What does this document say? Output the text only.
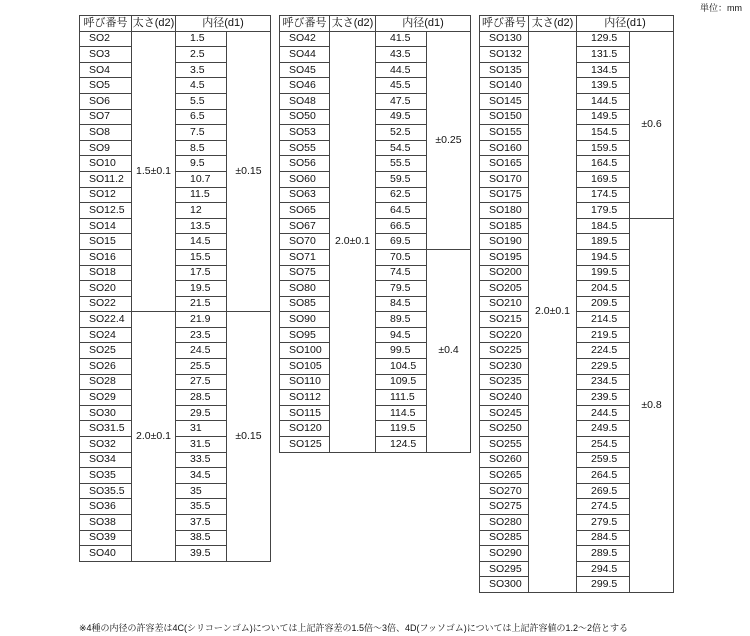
単位：mm
呼び番号	太さ(d2)	内径(d1)	
SO2	1.5±0.1	1.5	±0.15
SO3		2.5	
SO4		3.5	
SO5		4.5	
SO6		5.5	
SO7		6.5	
SO8		7.5	
SO9		8.5	
SO10		9.5	
SO11.2		10.7	
SO12		11.5	
SO12.5		12	
SO14		13.5	
SO15		14.5	
SO16		15.5	
SO18		17.5	
SO20		19.5	
SO22		21.5	
SO22.4	2.0±0.1	21.9	±0.15
SO24		23.5	
SO25		24.5	
SO26		25.5	
SO28		27.5	
SO29		28.5	
SO30		29.5	
SO31.5		31	
SO32		31.5	
SO34		33.5	
SO35		34.5	
SO35.5		35	
SO36		35.5	
SO38		37.5	
SO39		38.5	
SO40		39.5	
呼び番号	太さ(d2)	内径(d1)	
SO42	2.0±0.1	41.5	±0.25
SO44		43.5	
SO45		44.5	
SO46		45.5	
SO48		47.5	
SO50		49.5	
SO53		52.5	
SO55		54.5	
SO56		55.5	
SO60		59.5	
SO63		62.5	
SO65		64.5	
SO67		66.5	
SO70		69.5	
SO71		70.5	±0.4
SO75		74.5	
SO80		79.5	
SO85		84.5	
SO90		89.5	
SO95		94.5	
SO100		99.5	
SO105		104.5	
SO110		109.5	
SO112		111.5	
SO115		114.5	
SO120		119.5	
SO125		124.5	
呼び番号	太さ(d2)	内径(d1)	
SO130	2.0±0.1	129.5	±0.6
SO132		131.5	
SO135		134.5	
SO140		139.5	
SO145		144.5	
SO150		149.5	
SO155		154.5	
SO160		159.5	
SO165		164.5	
SO170		169.5	
SO175		174.5	
SO180		179.5	
SO185		184.5	±0.8
SO190		189.5	
SO195		194.5	
SO200		199.5	
SO205		204.5	
SO210		209.5	
SO215		214.5	
SO220		219.5	
SO225		224.5	
SO230		229.5	
SO235		234.5	
SO240		239.5	
SO245		244.5	
SO250		249.5	
SO255		254.5	
SO260		259.5	
SO265		264.5	
SO270		269.5	
SO275		274.5	
SO280		279.5	
SO285		284.5	
SO290		289.5	
SO295		294.5	
SO300		299.5	
※4種の内径の許容差は4C(シリコーンゴム)については上記許容差の1.5倍～3倍、4D(フッソゴム)については上記許容値の1.2～2倍とする
